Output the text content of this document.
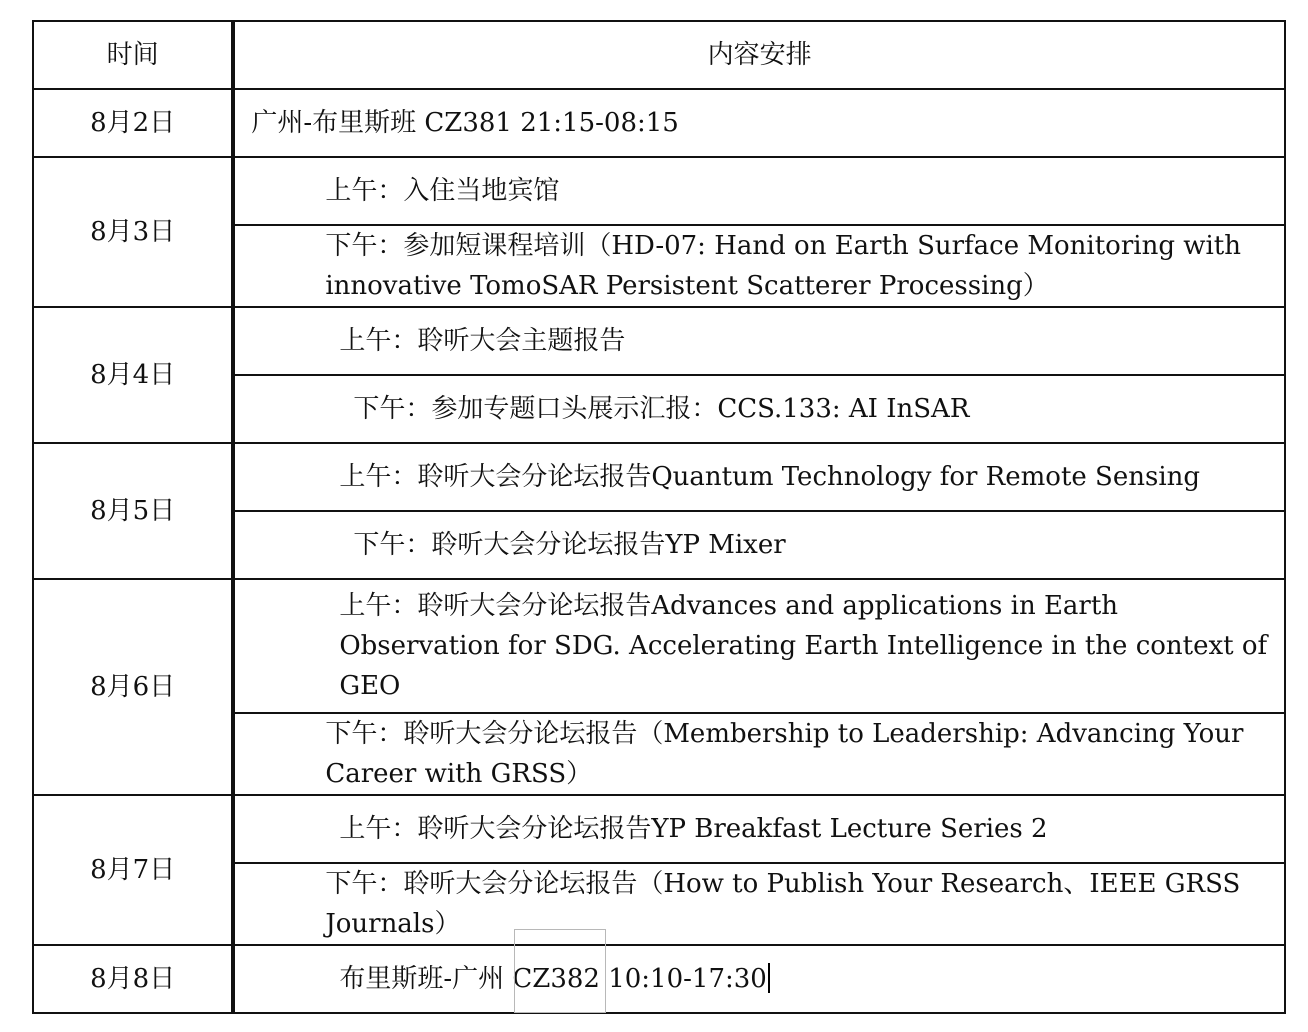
时间	内容安排
8月2日	广州-布里斯班 CZ381 21:15-08:15
8月3日	上午：入住当地宾馆
	下午：参加短课程培训（HD-07: Hand on Earth Surface Monitoring with innovative TomoSAR Persistent Scatterer Processing）
8月4日	上午：聆听大会主题报告
	下午：参加专题口头展示汇报：CCS.133: AI InSAR
8月5日	上午：聆听大会分论坛报告Quantum Technology for Remote Sensing
	下午：聆听大会分论坛报告YP Mixer
8月6日	上午：聆听大会分论坛报告Advances and applications in Earth Observation for SDG. Accelerating Earth Intelligence in the context of GEO
	下午：聆听大会分论坛报告（Membership to Leadership: Advancing Your Career with GRSS）
8月7日	上午：聆听大会分论坛报告YP Breakfast Lecture Series 2
	下午：聆听大会分论坛报告（How to Publish Your Research、IEEE GRSS Journals）
8月8日	布里斯班-广州 CZ382 10:10-17:30
